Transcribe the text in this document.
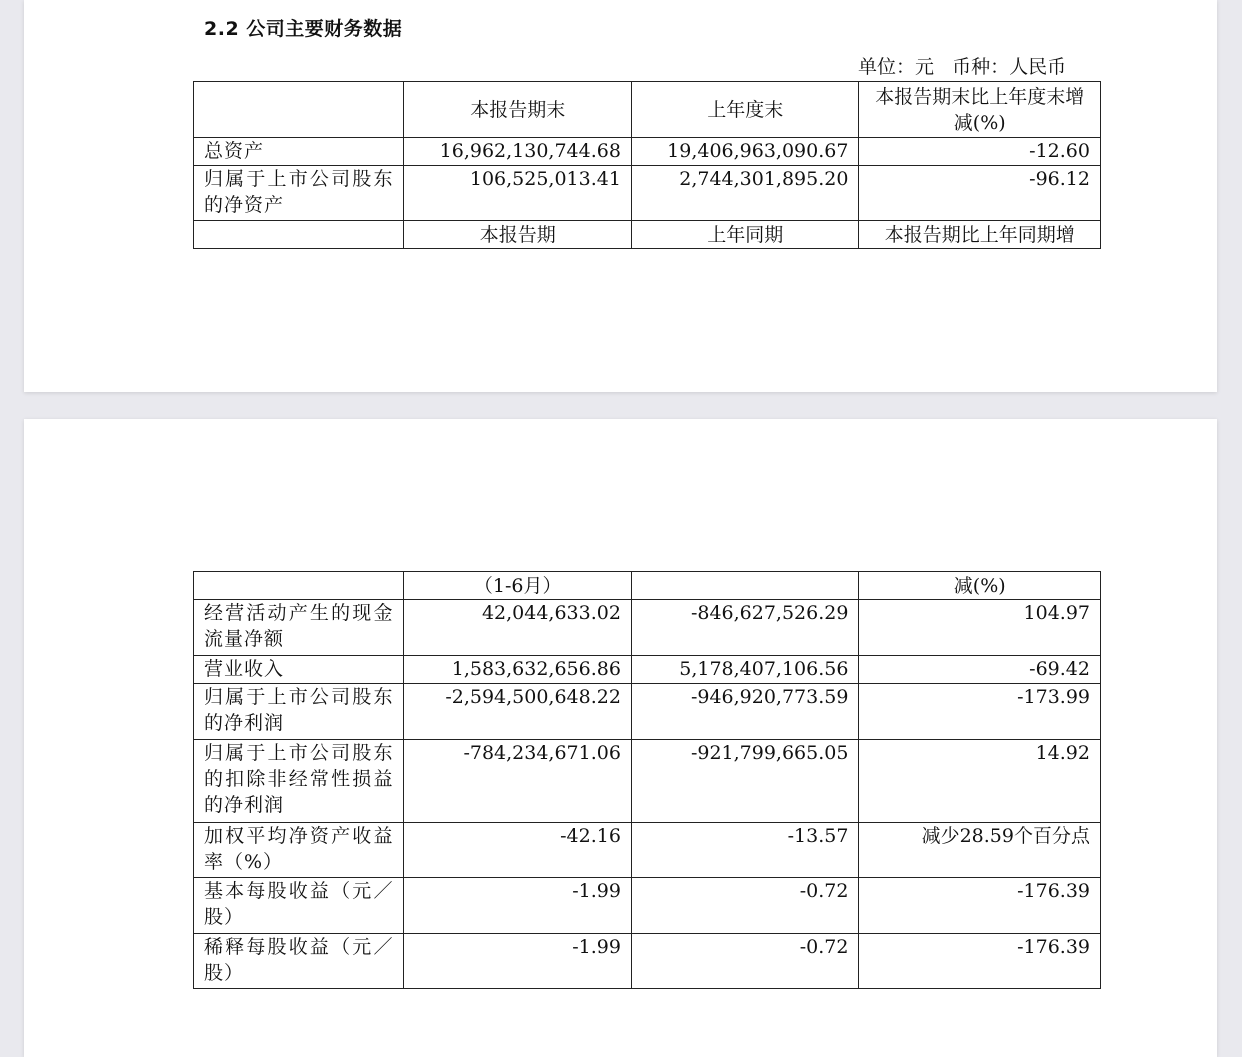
2.2 公司主要财务数据
单位：元   币种：人民币
	本报告期末	上年度末	本报告期末比上年度末增减(%)
总资产	16,962,130,744.68	19,406,963,090.67	-12.60
归属于上市公司股东的净资产	106,525,013.41	2,744,301,895.20	-96.12
	本报告期	上年同期	本报告期比上年同期增
	（1-6月）		减(%)
经营活动产生的现金流量净额	42,044,633.02	-846,627,526.29	104.97
营业收入	1,583,632,656.86	5,178,407,106.56	-69.42
归属于上市公司股东的净利润	-2,594,500,648.22	-946,920,773.59	-173.99
归属于上市公司股东的扣除非经常性损益的净利润	-784,234,671.06	-921,799,665.05	14.92
加权平均净资产收益率（%）	-42.16	-13.57	减少28.59个百分点
基本每股收益（元／股）	-1.99	-0.72	-176.39
稀释每股收益（元／股）	-1.99	-0.72	-176.39
